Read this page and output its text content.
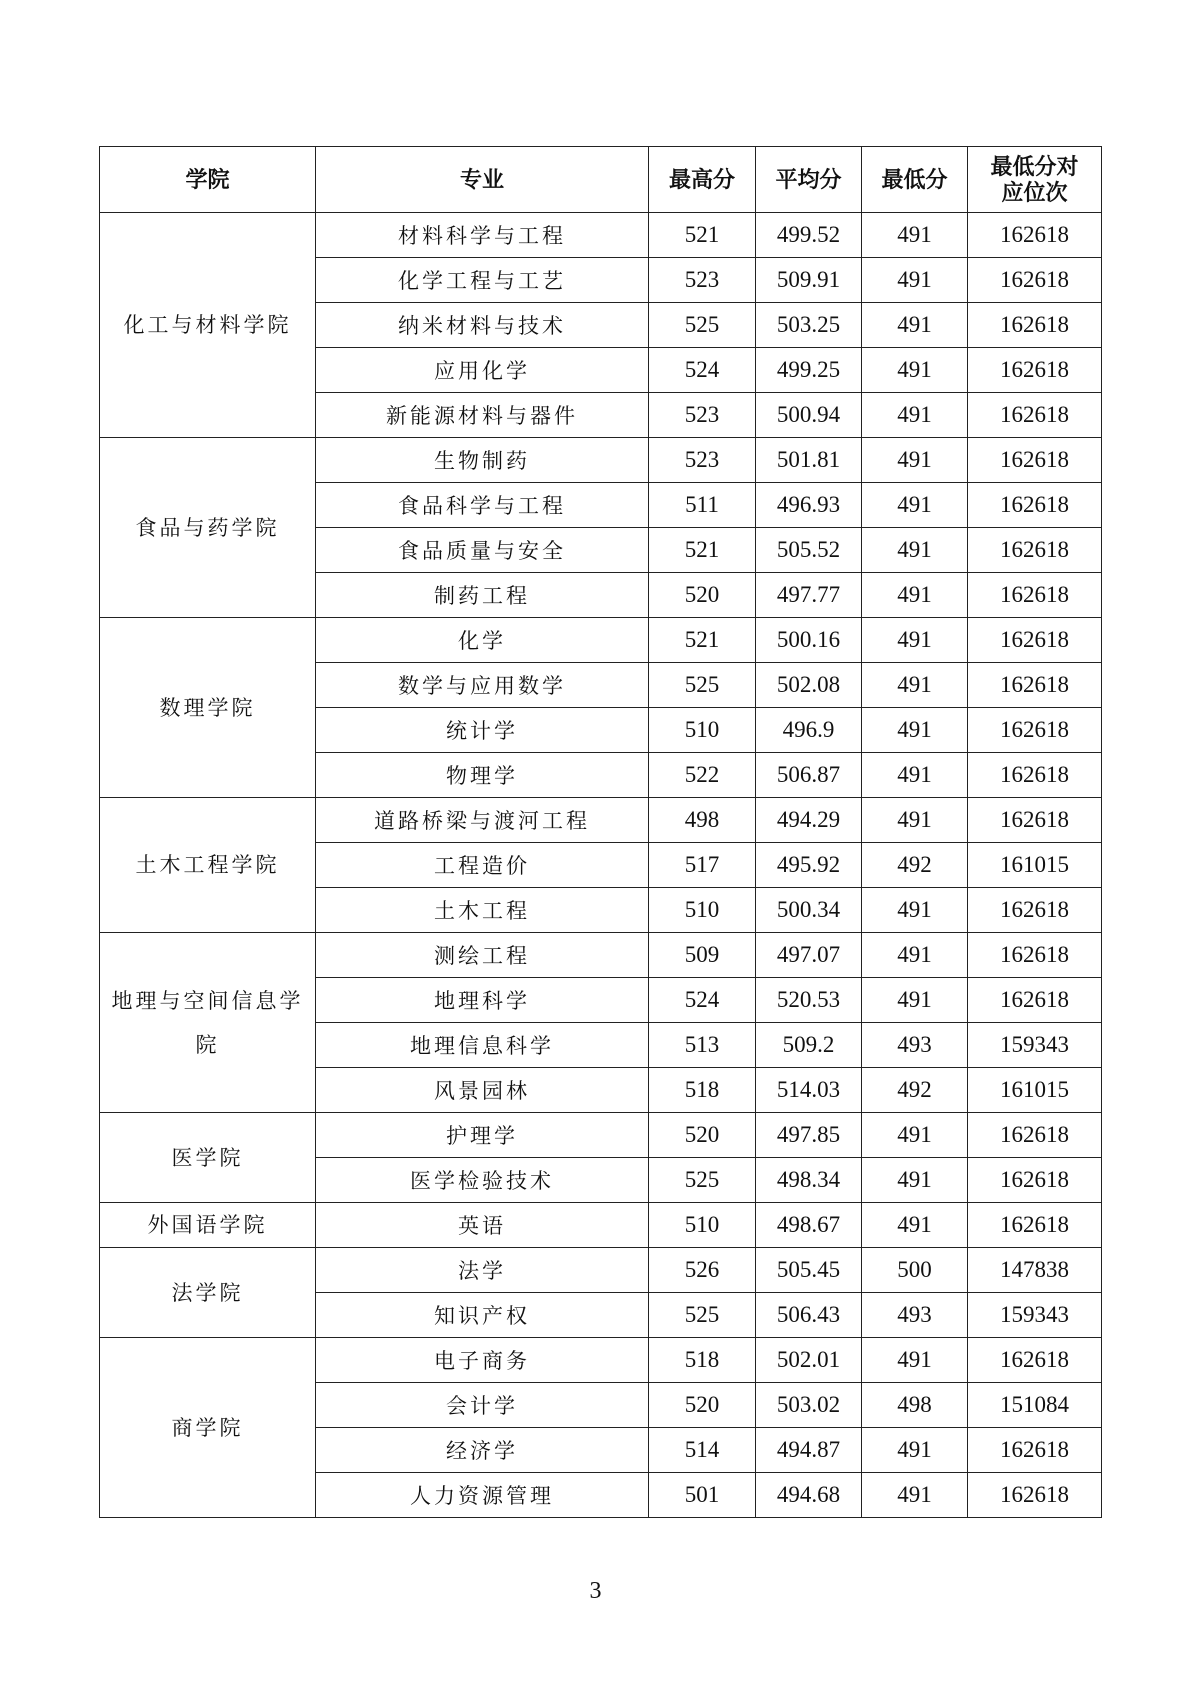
学院	专业	最高分	平均分	最低分	最低分对应位次
化工与材料学院	材料科学与工程	521	499.52	491	162618
	化学工程与工艺	523	509.91	491	162618
	纳米材料与技术	525	503.25	491	162618
	应用化学	524	499.25	491	162618
	新能源材料与器件	523	500.94	491	162618
食品与药学院	生物制药	523	501.81	491	162618
	食品科学与工程	511	496.93	491	162618
	食品质量与安全	521	505.52	491	162618
	制药工程	520	497.77	491	162618
数理学院	化学	521	500.16	491	162618
	数学与应用数学	525	502.08	491	162618
	统计学	510	496.9	491	162618
	物理学	522	506.87	491	162618
土木工程学院	道路桥梁与渡河工程	498	494.29	491	162618
	工程造价	517	495.92	492	161015
	土木工程	510	500.34	491	162618
地理与空间信息学院	测绘工程	509	497.07	491	162618
	地理科学	524	520.53	491	162618
	地理信息科学	513	509.2	493	159343
	风景园林	518	514.03	492	161015
医学院	护理学	520	497.85	491	162618
	医学检验技术	525	498.34	491	162618
外国语学院	英语	510	498.67	491	162618
法学院	法学	526	505.45	500	147838
	知识产权	525	506.43	493	159343
商学院	电子商务	518	502.01	491	162618
	会计学	520	503.02	498	151084
	经济学	514	494.87	491	162618
	人力资源管理	501	494.68	491	162618
3
